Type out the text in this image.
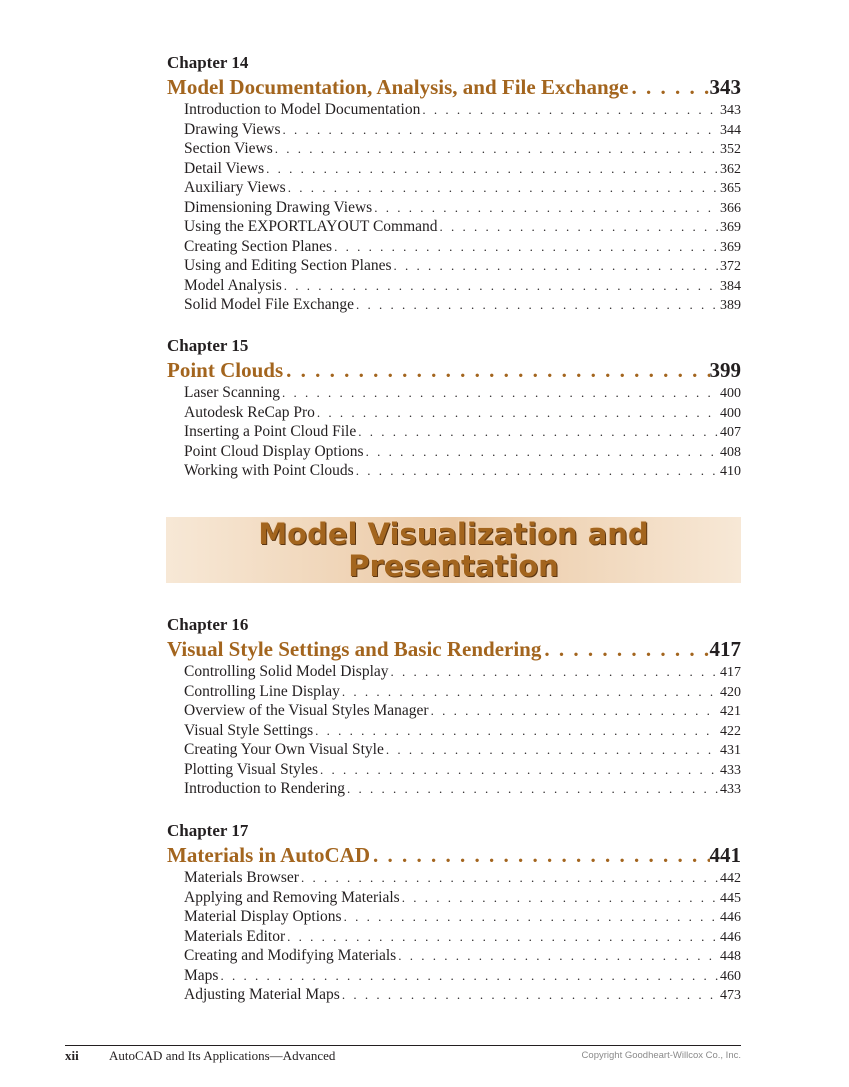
Chapter 14
Model Documentation, Analysis, and File Exchange . . .	343
Introduction to Model Documentation . . .	343
Drawing Views . . .	344
Section Views . . .	352
Detail Views . . .	362
Auxiliary Views . . .	365
Dimensioning Drawing Views . . .	366
Using the EXPORTLAYOUT Command . . .	369
Creating Section Planes . . .	369
Using and Editing Section Planes . . .	372
Model Analysis . . .	384
Solid Model File Exchange . . .	389
Chapter 15
Point Clouds . . .	399
Laser Scanning . . .	400
Autodesk ReCap Pro . . .	400
Inserting a Point Cloud File . . .	407
Point Cloud Display Options . . .	408
Working with Point Clouds . . .	410
Model Visualization and
Presentation
Chapter 16
Visual Style Settings and Basic Rendering . . .	417
Controlling Solid Model Display . . .	417
Controlling Line Display . . .	420
Overview of the Visual Styles Manager . . .	421
Visual Style Settings . . .	422
Creating Your Own Visual Style . . .	431
Plotting Visual Styles . . .	433
Introduction to Rendering . . .	433
Chapter 17
Materials in AutoCAD . . .	441
Materials Browser . . .	442
Applying and Removing Materials . . .	445
Material Display Options . . .	446
Materials Editor . . .	446
Creating and Modifying Materials . . .	448
Maps . . .	460
Adjusting Material Maps . . .	473
xii AutoCAD and Its Applications—Advanced	Copyright Goodheart-Willcox Co., Inc.
